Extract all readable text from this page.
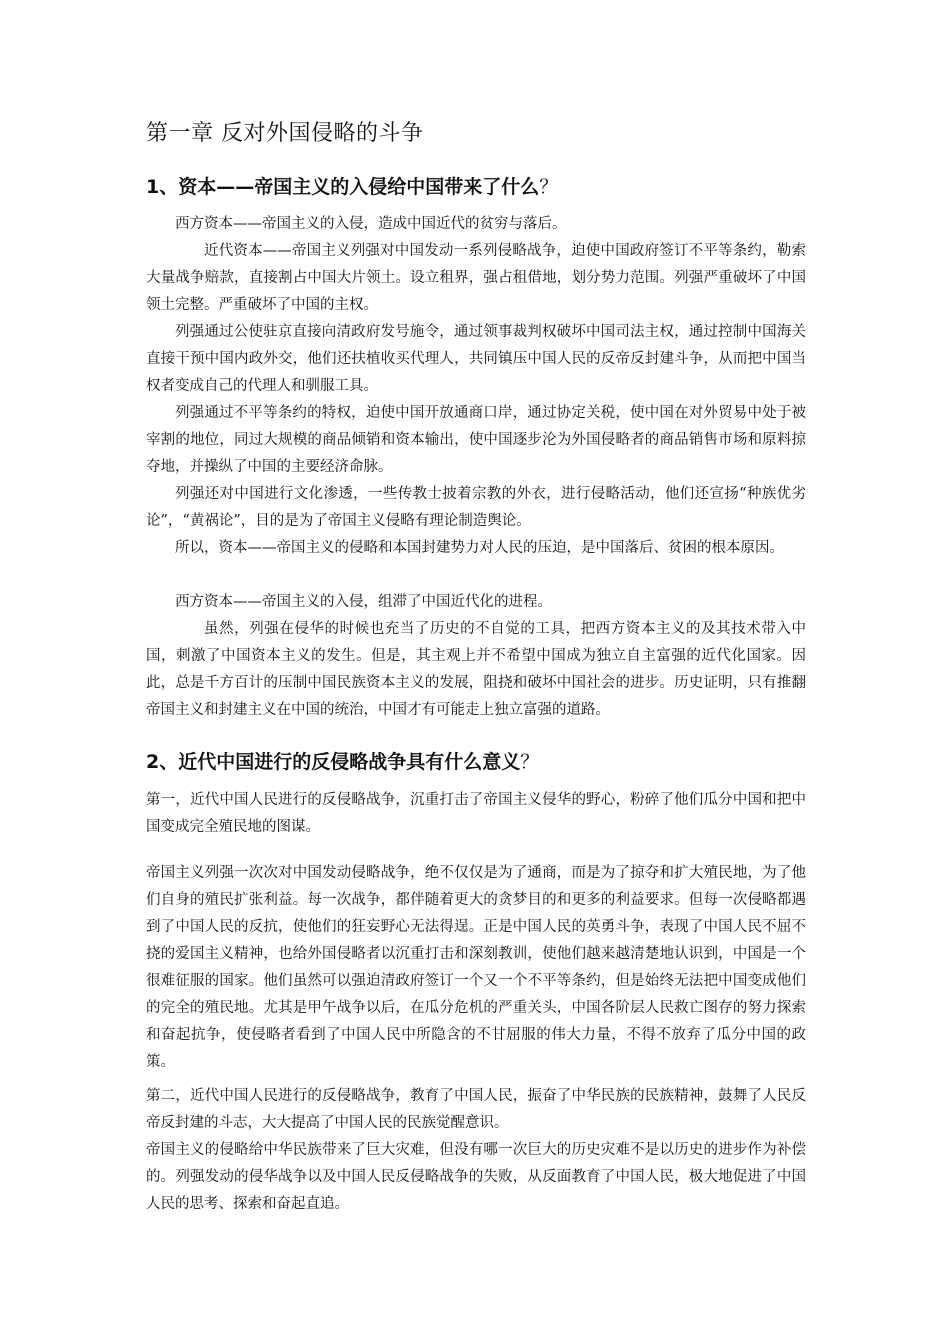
第一章 反对外国侵略的斗争
1、资本——帝国主义的入侵给中国带来了什么？

西方资本——帝国主义的入侵，造成中国近代的贫穷与落后。

近代资本——帝国主义列强对中国发动一系列侵略战争，迫使中国政府签订不平等条约，勒索大量战争赔款，直接割占中国大片领土。设立租界，强占租借地，划分势力范围。列强严重破坏了中国领土完整。严重破坏了中国的主权。

列强通过公使驻京直接向清政府发号施令，通过领事裁判权破坏中国司法主权，通过控制中国海关直接干预中国内政外交，他们还扶植收买代理人，共同镇压中国人民的反帝反封建斗争，从而把中国当权者变成自己的代理人和驯服工具。

列强通过不平等条约的特权，迫使中国开放通商口岸，通过协定关税，使中国在对外贸易中处于被宰割的地位，同过大规模的商品倾销和资本输出，使中国逐步沦为外国侵略者的商品销售市场和原料掠夺地，并操纵了中国的主要经济命脉。

列强还对中国进行文化渗透，一些传教士披着宗教的外衣，进行侵略活动，他们还宣扬“种族优劣论”，“黄祸论”，目的是为了帝国主义侵略有理论制造舆论。

所以，资本——帝国主义的侵略和本国封建势力对人民的压迫，是中国落后、贫困的根本原因。

西方资本——帝国主义的入侵，组滞了中国近代化的进程。

虽然，列强在侵华的时候也充当了历史的不自觉的工具，把西方资本主义的及其技术带入中国，刺激了中国资本主义的发生。但是，其主观上并不希望中国成为独立自主富强的近代化国家。因此，总是千方百计的压制中国民族资本主义的发展，阻挠和破坏中国社会的进步。历史证明，只有推翻帝国主义和封建主义在中国的统治，中国才有可能走上独立富强的道路。

2、近代中国进行的反侵略战争具有什么意义？

第一，近代中国人民进行的反侵略战争，沉重打击了帝国主义侵华的野心，粉碎了他们瓜分中国和把中国变成完全殖民地的图谋。

帝国主义列强一次次对中国发动侵略战争，绝不仅仅是为了通商，而是为了掠夺和扩大殖民地，为了他们自身的殖民扩张利益。每一次战争，都伴随着更大的贪梦目的和更多的利益要求。但每一次侵略都遇到了中国人民的反抗，使他们的狂妄野心无法得逞。正是中国人民的英勇斗争，表现了中国人民不屈不挠的爱国主义精神，也给外国侵略者以沉重打击和深刻教训，使他们越来越清楚地认识到，中国是一个很难征服的国家。他们虽然可以强迫清政府签订一个又一个不平等条约，但是始终无法把中国变成他们的完全的殖民地。尤其是甲午战争以后，在瓜分危机的严重关头，中国各阶层人民救亡图存的努力探索和奋起抗争，使侵略者看到了中国人民中所隐含的不甘屈服的伟大力量，不得不放弃了瓜分中国的政策。

第二，近代中国人民进行的反侵略战争，教育了中国人民，振奋了中华民族的民族精神，鼓舞了人民反帝反封建的斗志，大大提高了中国人民的民族觉醒意识。

帝国主义的侵略给中华民族带来了巨大灾难，但没有哪一次巨大的历史灾难不是以历史的进步作为补偿的。列强发动的侵华战争以及中国人民反侵略战争的失败，从反面教育了中国人民，极大地促进了中国人民的思考、探索和奋起直追。
